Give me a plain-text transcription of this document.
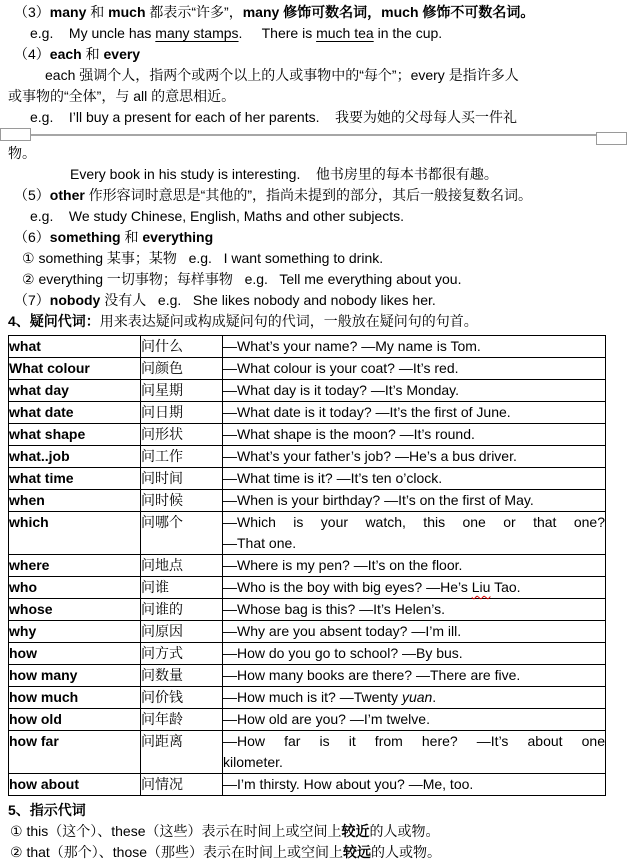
（3）many 和 much 都表示“许多”，many 修饰可数名词，much 修饰不可数名词。
e.g.    My uncle has many stamps.     There is much tea in the cup.
（4）each 和 every
each 强调个人，指两个或两个以上的人或事物中的“每个”；every 是指许多人
或事物的“全体”，与 all 的意思相近。
e.g.    I’ll buy a present for each of her parents.    我要为她的父母每人买一件礼
物。
Every book in his study is interesting.    他书房里的每本书都很有趣。
（5）other 作形容词时意思是“其他的”，指尚未提到的部分，其后一般接复数名词。
e.g.    We study Chinese, English, Maths and other subjects.
（6）something 和 everything
① something 某事；某物   e.g.   I want something to drink.
② everything 一切事物；每样事物   e.g.   Tell me everything about you.
（7）nobody 没有人   e.g.   She likes nobody and nobody likes her.
4、疑问代词：用来表达疑问或构成疑问句的代词，一般放在疑问句的句首。
what	问什么	—What’s your name? —My name is Tom.

What colour	问颜色	—What colour is your coat? —It’s red.

what day	问星期	—What day is it today? —It’s Monday.

what date	问日期	—What date is it today? —It’s the first of June.

what shape	问形状	—What shape is the moon? —It’s round.

what..job	问工作	—What’s your father’s job? —He’s a bus driver.

what time	问时间	—What time is it? —It’s ten o’clock.

when	问时候	—When is your birthday? —It’s on the first of May.

which	问哪个	—Which is your watch, this one or that one?
—That one.

where	问地点	—Where is my pen? —It’s on the floor.

who	问谁	—Who is the boy with big eyes? —He’s Liu Tao.

whose	问谁的	—Whose bag is this? —It’s Helen’s.

why	问原因	—Why are you absent today? —I’m ill.

how	问方式	—How do you go to school? —By bus.

how many	问数量	—How many books are there? —There are five.

how much	问价钱	—How much is it? —Twenty yuan.

how old	问年龄	—How old are you? —I’m twelve.

how far	问距离	—How far is it from here? —It’s about one
kilometer.

how about	问情况	—I’m thirsty. How about you? —Me, too.
5、指示代词
① this（这个）、these（这些）表示在时间上或空间上较近的人或物。
② that（那个）、those（那些）表示在时间上或空间上较远的人或物。
